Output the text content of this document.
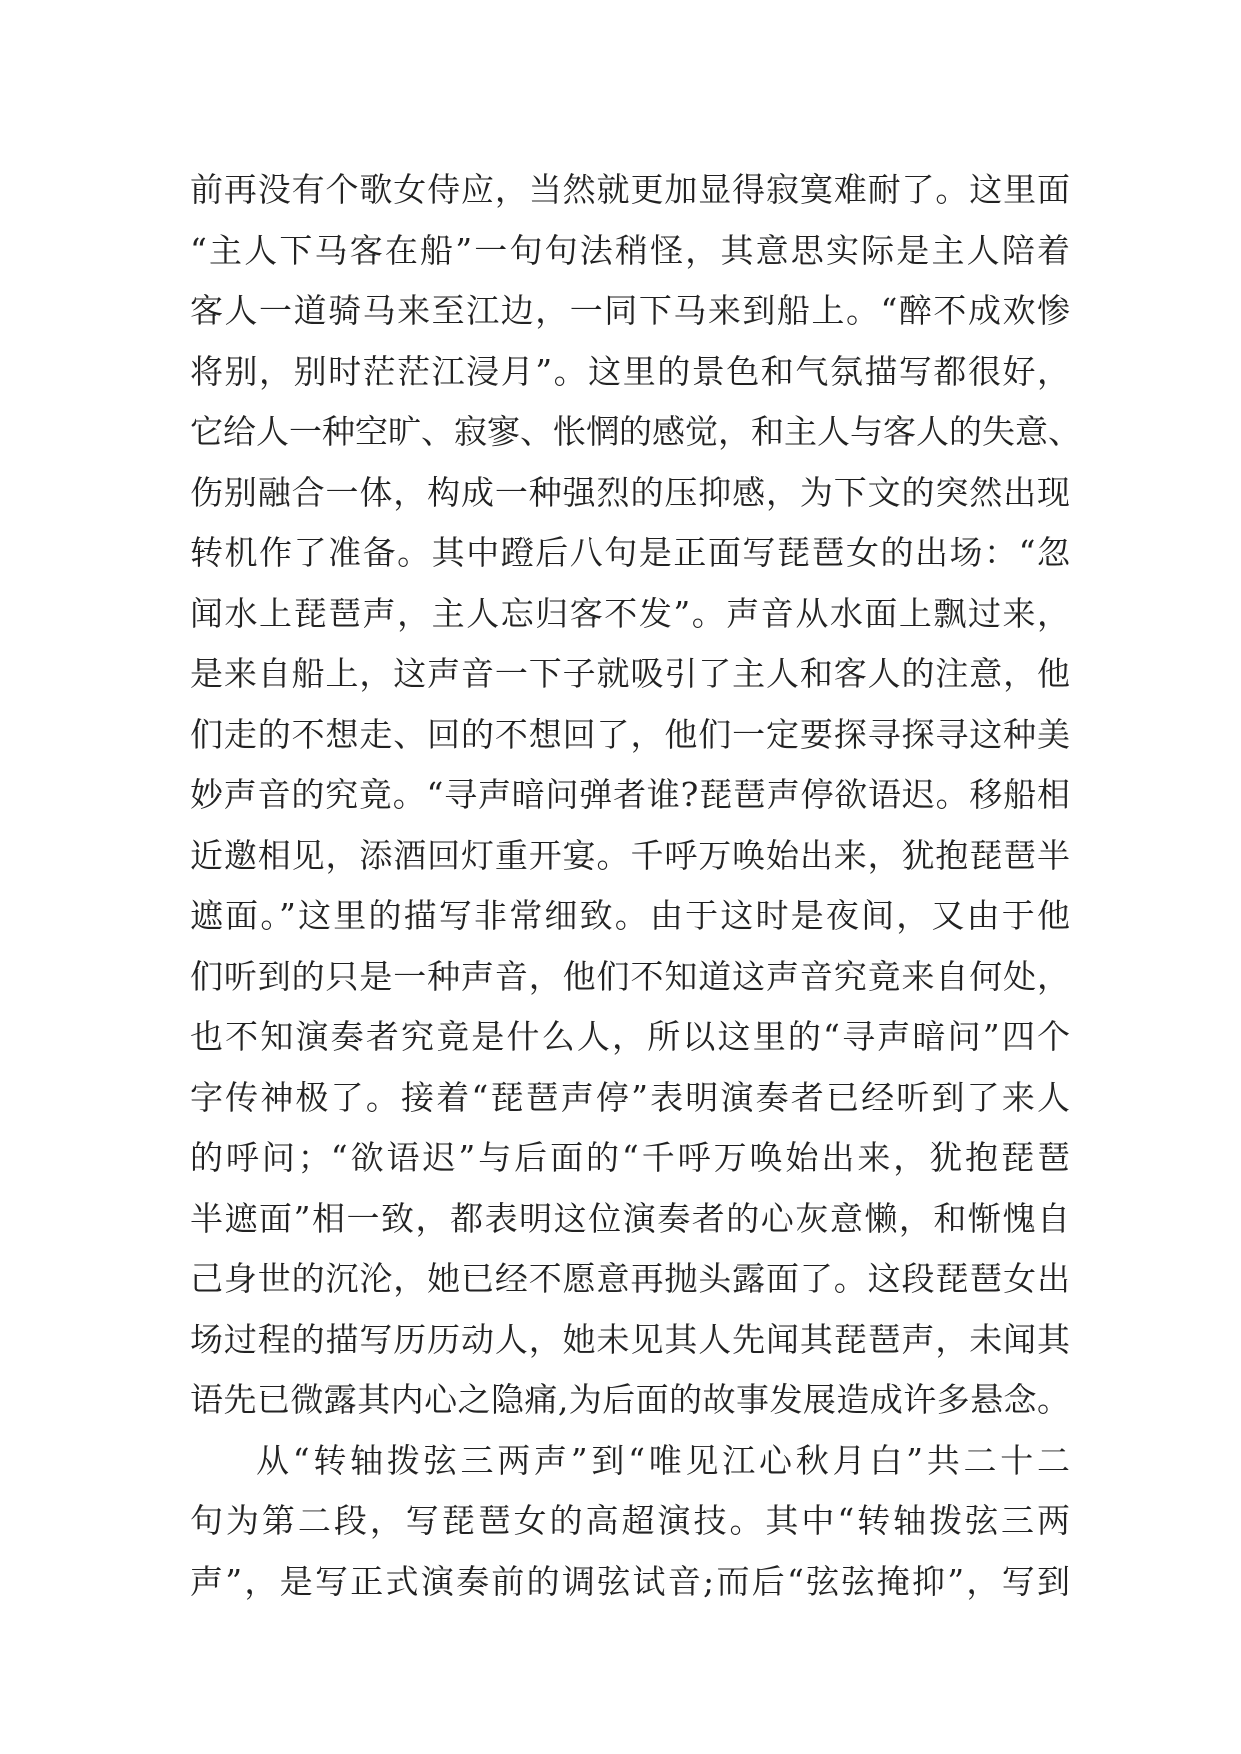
前再没有个歌女侍应，当然就更加显得寂寞难耐了。这里面
“主人下马客在船”一句句法稍怪，其意思实际是主人陪着
客人一道骑马来至江边，一同下马来到船上。“醉不成欢惨
将别，别时茫茫江浸月”。这里的景色和气氛描写都很好，
它给人一种空旷、寂寥、怅惘的感觉，和主人与客人的失意、
伤别融合一体，构成一种强烈的压抑感，为下文的突然出现
转机作了准备。其中蹬后八句是正面写琵琶女的出场：“忽
闻水上琵琶声，主人忘归客不发”。声音从水面上飘过来，
是来自船上，这声音一下子就吸引了主人和客人的注意，他
们走的不想走、回的不想回了，他们一定要探寻探寻这种美
妙声音的究竟。“寻声暗问弹者谁?琵琶声停欲语迟。移船相
近邀相见，添酒回灯重开宴。千呼万唤始出来，犹抱琵琶半
遮面。”这里的描写非常细致。由于这时是夜间，又由于他
们听到的只是一种声音，他们不知道这声音究竟来自何处，
也不知演奏者究竟是什么人，所以这里的“寻声暗问”四个
字传神极了。接着“琵琶声停”表明演奏者已经听到了来人
的呼问；“欲语迟”与后面的“千呼万唤始出来，犹抱琵琶
半遮面”相一致，都表明这位演奏者的心灰意懒，和惭愧自
己身世的沉沦，她已经不愿意再抛头露面了。这段琵琶女出
场过程的描写历历动人，她未见其人先闻其琵琶声，未闻其
语先已微露其内心之隐痛,为后面的故事发展造成许多悬念。
从“转轴拨弦三两声”到“唯见江心秋月白”共二十二
句为第二段，写琵琶女的高超演技。其中“转轴拨弦三两
声”，是写正式演奏前的调弦试音;而后“弦弦掩抑”，写到
